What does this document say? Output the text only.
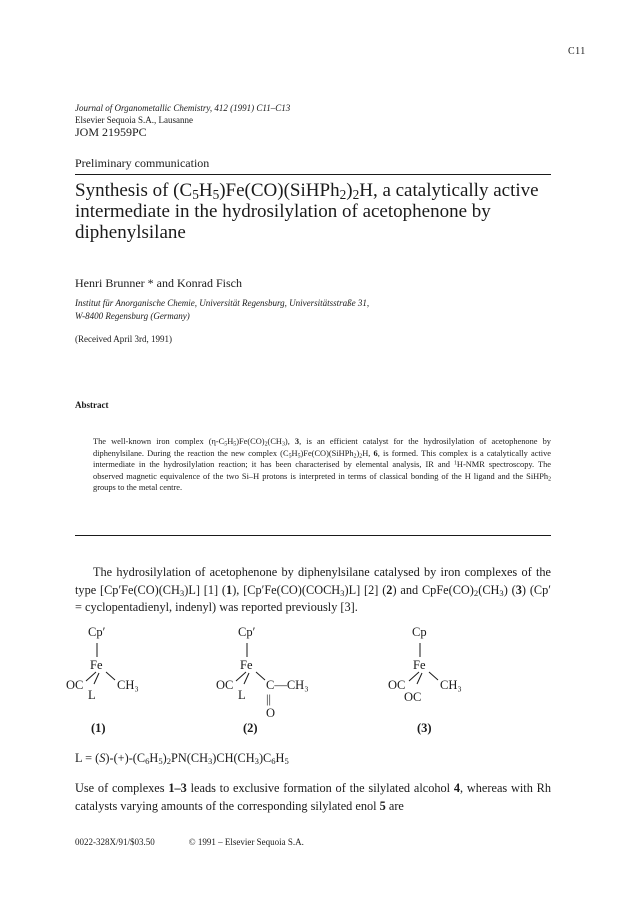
C11
Journal of Organometallic Chemistry, 412 (1991) C11–C13
Elsevier Sequoia S.A., Lausanne
JOM 21959PC
Preliminary communication
Synthesis of $(C_5H_5)Fe(CO)(SiHPh_2)_2H$, a catalytically active intermediate in the hydrosilylation of acetophenone by diphenylsilane
Henri Brunner * and Konrad Fisch
Institut für Anorganische Chemie, Universität Regensburg, Universitätsstraße 31,
W-8400 Regensburg (Germany)
(Received April 3rd, 1991)
Abstract
The well-known iron complex $(\eta-C_5H_5)Fe(CO)_2(CH_3)$, 3, is an efficient catalyst for the hydrosilylation of acetophenone by diphenylsilane. During the reaction the new complex $(C_5H_5)Fe(CO)(SiHPh_2)_2H$, 6, is formed. This complex is a catalytically active intermediate in the hydrosilylation reaction; it has been characterised by elemental analysis, IR and $^1$H-NMR spectroscopy. The observed magnetic equivalence of the two Si–H protons is interpreted in terms of classical bonding of the H ligand and the SiHPh$_2$ groups to the metal centre.
The hydrosilylation of acetophenone by diphenylsilane catalysed by iron complexes of the type $[Cp'Fe(CO)(CH_3)L]$ [1] (1), $[Cp'Fe(CO)(COCH_3)L]$ [2] (2) and $CpFe(CO)_2(CH_3)$ (3) (Cp′ = cyclopentadienyl, indenyl) was reported previously [3].
Cp′
Fe
OC	CH₃
L
(1)
Cp′
Fe
OC	C—CH₃
L ||
O
(2)
Cp
Fe
OC	CH₃
OC
(3)
$L = (S)-(+)-(C_6H_5)_2PN(CH_3)CH(CH_3)C_6H_5$
Use of complexes 1–3 leads to exclusive formation of the silylated alcohol 4, whereas with Rh catalysts varying amounts of the corresponding silylated enol 5 are
0022-328X/91/$03.50	© 1991 – Elsevier Sequoia S.A.
